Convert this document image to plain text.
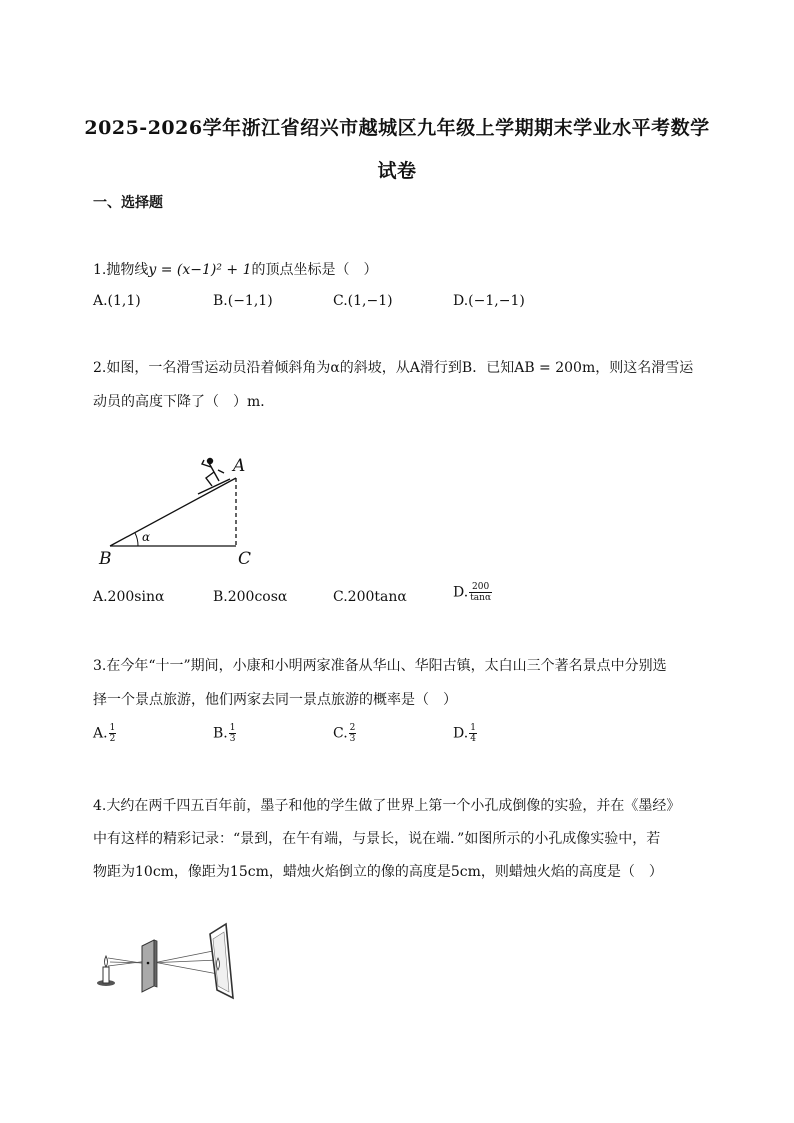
2025-2026学年浙江省绍兴市越城区九年级上学期期末学业水平考数学
试卷
一、选择题
1.抛物线y = (x−1)² + 1的顶点坐标是（　）
A.(1,1)	B.(−1,1)	C.(1,−1)	D.(−1,−1)
2.如图，一名滑雪运动员沿着倾斜角为α的斜坡，从A滑行到B．已知AB = 200m，则这名滑雪运
动员的高度下降了（　）m．
A
B	C
α
A.200sinα	B.200cosα	C.200tanα	D. $\frac{200}{\tan\alpha}$
3.在今年“十一”期间，小康和小明两家准备从华山、华阳古镇，太白山三个著名景点中分别选
择一个景点旅游，他们两家去同一景点旅游的概率是（　）
A. $\frac{1}{2}$	B. $\frac{1}{3}$	C. $\frac{2}{3}$	D. $\frac{1}{4}$
4.大约在两千四五百年前，墨子和他的学生做了世界上第一个小孔成倒像的实验，并在《墨经》
中有这样的精彩记录：“景到，在午有端，与景长，说在端．”如图所示的小孔成像实验中，若
物距为10cm，像距为15cm，蜡烛火焰倒立的像的高度是5cm，则蜡烛火焰的高度是（　）
